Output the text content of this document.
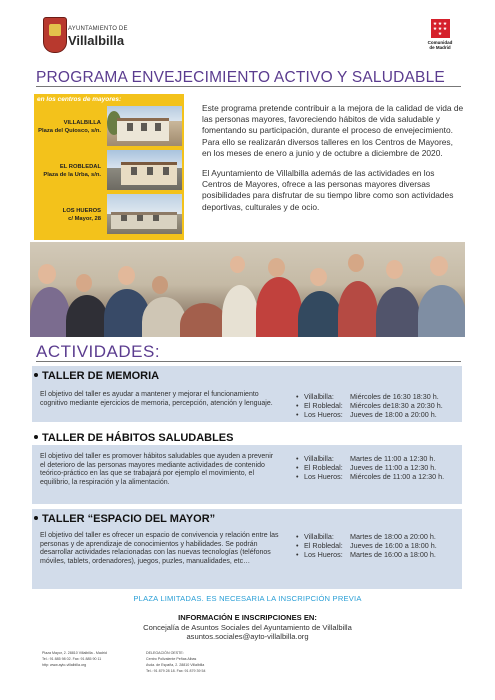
AYUNTAMIENTO DE
Villalbilla	Comunidad
de Madrid
PROGRAMA ENVEJECIMIENTO ACTIVO Y SALUDABLE
en los centros de mayores:
VILLALBILLA
Plaza del Quiosco, s/n.
EL ROBLEDAL
Plaza de la Urba, s/n.
LOS HUEROS
c/ Mayor, 28

Este programa pretende contribuir a la mejora de la calidad de vida de las personas mayores, favoreciendo hábitos de vida saludable y fomentando su participación, durante el proceso de envejecimiento. Para ello se realizarán diversos talleres en los Centros de Mayores, en los meses de enero a junio y de octubre a diciembre de 2020.

El Ayuntamiento de Villalbilla además de las actividades en los Centros de Mayores, ofrece a las personas mayores diversas posibilidades para disfrutar de su tiempo libre como son actividades deportivas, culturales y de ocio.

ACTIVIDADES:
TALLER DE MEMORIA
El objetivo del taller es ayudar a mantener y mejorar el funcionamiento cognitivo mediante ejercicios de memoria, percepción, atención y lenguaje.
• Villalbilla: Miércoles de 16:30 18:30 h.
• El Robledal: Miércoles de18:30 a 20:30 h.
• Los Hueros: Jueves de 18:00 a 20:00 h.
TALLER DE HÁBITOS SALUDABLES
El objetivo del taller es promover hábitos saludables que ayuden a prevenir el deterioro de las personas mayores mediante actividades de contenido teórico-práctico en las que se trabajará por ejemplo el movimiento, el equilibrio, la respiración y la alimentación.
• Villalbilla: Martes de 11:00 a 12:30 h.
• El Robledal: Jueves de 11:00 a 12:30 h.
• Los Hueros: Miércoles de 11:00 a 12:30 h.
TALLER “ESPACIO DEL MAYOR”
El objetivo del taller es ofrecer un espacio de convivencia y relación entre las personas y de aprendizaje de conocimientos y habilidades. Se podrán desarrollar actividades relacionadas con las nuevas tecnologías (teléfonos móviles, tablets, ordenadores), juegos, puzles, manualidades, etc…
• Villalbilla: Martes de 18:00 a 20:00 h.
• El Robledal: Jueves de 16:00 a 18:00 h.
• Los Hueros: Martes de 16:00 a 18:00 h.
PLAZA LIMITADAS. ES NECESARIA LA INSCRIPCIÓN PREVIA
INFORMACIÓN E INSCRIPCIONES EN:
Concejalía de Asuntos Sociales del Ayuntamiento de Villalbilla
asuntos.sociales@ayto-villalbilla.org
Plaza Mayor, 2. 28810 Villalbilla - Madrid
Tel.: 91 885 98 02. Fax: 91 885 90 11
http: www.ayto-villalbilla.org
DELEGACIÓN OESTE:
Centro Polivalente Peñas Albas
Avda. de España, 2. 28810 Villalbilla
Tel.: 91 879 28 18. Fax: 91 879 39 54
